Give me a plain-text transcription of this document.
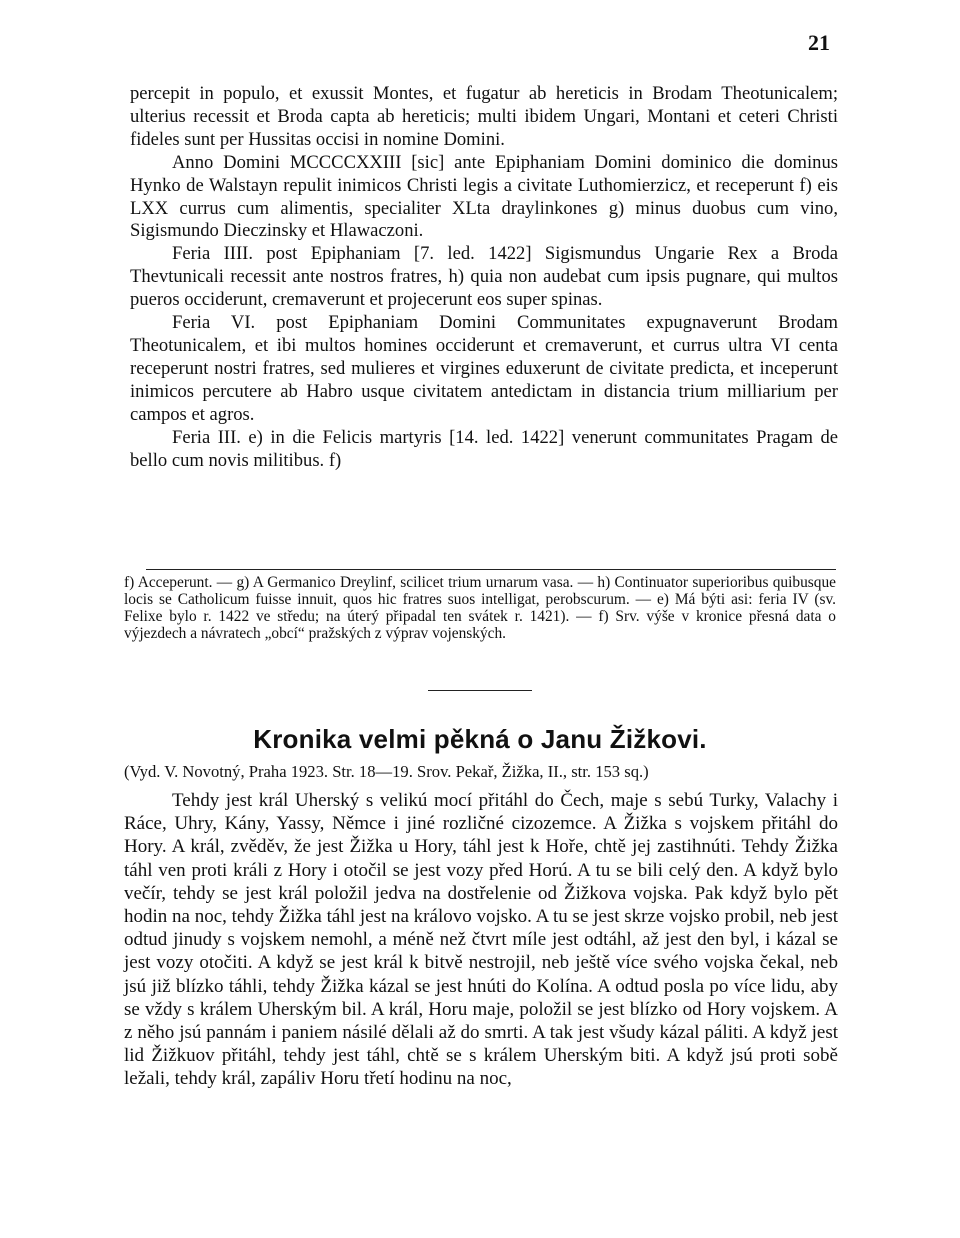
21

percepit in populo, et exussit Montes, et fugatur ab hereticis in Brodam Theotunicalem; ulterius recessit et Broda capta ab hereticis; multi ibidem Ungari, Montani et ceteri Christi fideles sunt per Hussitas occisi in nomine Domini.

Anno Domini MCCCCXXIII [sic] ante Epiphaniam Domini dominico die dominus Hynko de Walstayn repulit inimicos Christi legis a civitate Luthomierzicz, et receperunt f) eis LXX currus cum alimentis, specialiter XLta draylinkones g) minus duobus cum vino, Sigismundo Dieczinsky et Hlawaczoni.

Feria IIII. post Epiphaniam [7. led. 1422] Sigismundus Ungarie Rex a Broda Thevtunicali recessit ante nostros fratres, h) quia non audebat cum ipsis pugnare, qui multos pueros occiderunt, cremaverunt et projecerunt eos super spinas.

Feria VI. post Epiphaniam Domini Communitates expugnaverunt Brodam Theotunicalem, et ibi multos homines occiderunt et cremaverunt, et currus ultra VI centa receperunt nostri fratres, sed mulieres et virgines eduxerunt de civitate predicta, et inceperunt inimicos percutere ab Habro usque civitatem antedictam in distancia trium milliarium per campos et agros.

Feria III. e) in die Felicis martyris [14. led. 1422] venerunt communitates Pragam de bello cum novis militibus. f)

f) Acceperunt. — g) A Germanico Dreylinf, scilicet trium urnarum vasa. — h) Continuator superioribus quibusque locis se Catholicum fuisse innuit, quos hic fratres suos intelligat, perobscurum. — e) Má býti asi: feria IV (sv. Felixe bylo r. 1422 ve středu; na úterý připadal ten svátek r. 1421). — f) Srv. výše v kronice přesná data o výjezdech a návratech „obcí“ pražských z výprav vojenských.

Kronika velmi pěkná o Janu Žižkovi.

(Vyd. V. Novotný, Praha 1923. Str. 18—19. Srov. Pekař, Žižka, II., str. 153 sq.)

Tehdy jest král Uherský s velikú mocí přitáhl do Čech, maje s sebú Turky, Valachy i Ráce, Uhry, Kány, Yassy, Němce i jiné rozličné cizozemce. A Žižka s vojskem přitáhl do Hory. A král, zvěděv, že jest Žižka u Hory, táhl jest k Hoře, chtě jej zastihnúti. Tehdy Žižka táhl ven proti králi z Hory i otočil se jest vozy před Horú. A tu se bili celý den. A když bylo večír, tehdy se jest král položil jedva na dostřelenie od Žižkova vojska. Pak když bylo pět hodin na noc, tehdy Žižka táhl jest na královo vojsko. A tu se jest skrze vojsko probil, neb jest odtud jinudy s vojskem nemohl, a méně než čtvrt míle jest odtáhl, až jest den byl, i kázal se jest vozy otočiti. A když se jest král k bitvě nestrojil, neb ještě více svého vojska čekal, neb jsú již blízko táhli, tehdy Žižka kázal se jest hnúti do Kolína. A odtud posla po více lidu, aby se vždy s králem Uherským bil. A král, Horu maje, položil se jest blízko od Hory vojskem. A z něho jsú pannám i paniem násilé dělali až do smrti. A tak jest všudy kázal páliti. A když jest lid Žižkuov přitáhl, tehdy jest táhl, chtě se s králem Uherským biti. A když jsú proti sobě ležali, tehdy král, zapáliv Horu třetí hodinu na noc,
